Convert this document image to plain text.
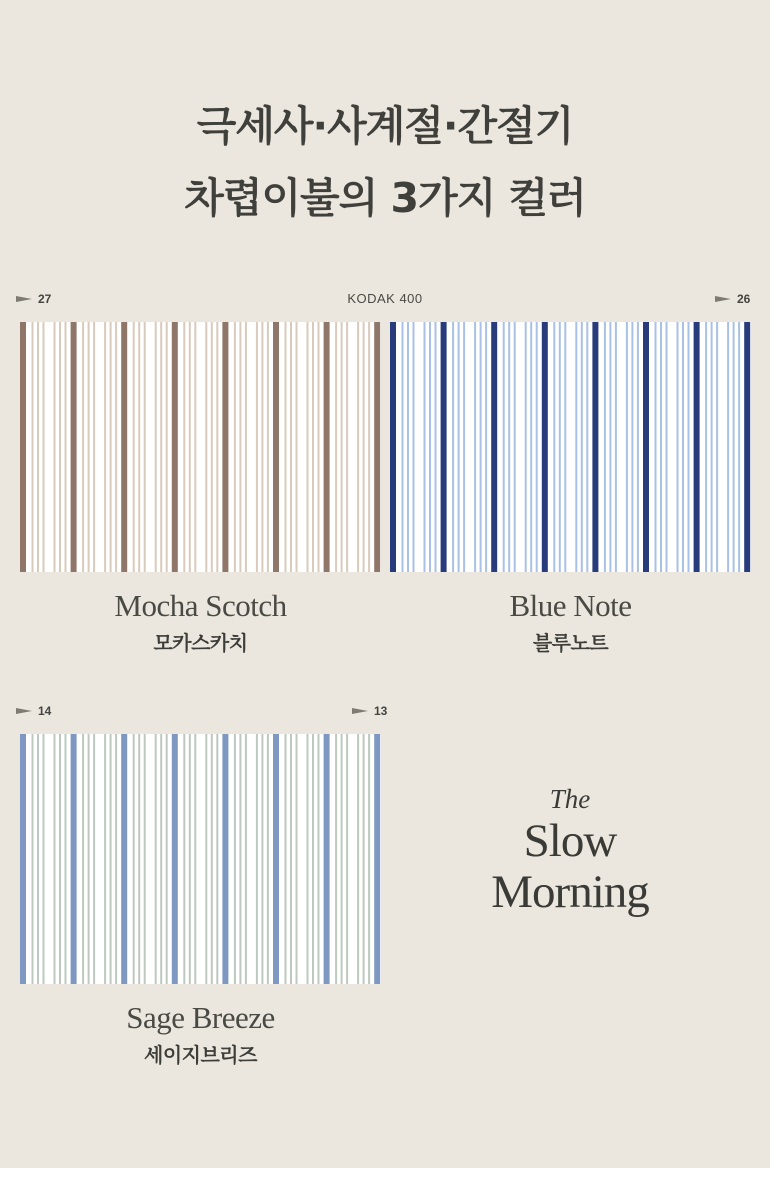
극세사·사계절·간절기
차렵이불의 3가지 컬러
27	KODAK 400	26
14	13
Mocha Scotch
모카스카치
Blue Note
블루노트
Sage Breeze
세이지브리즈
The
Slow
Morning
